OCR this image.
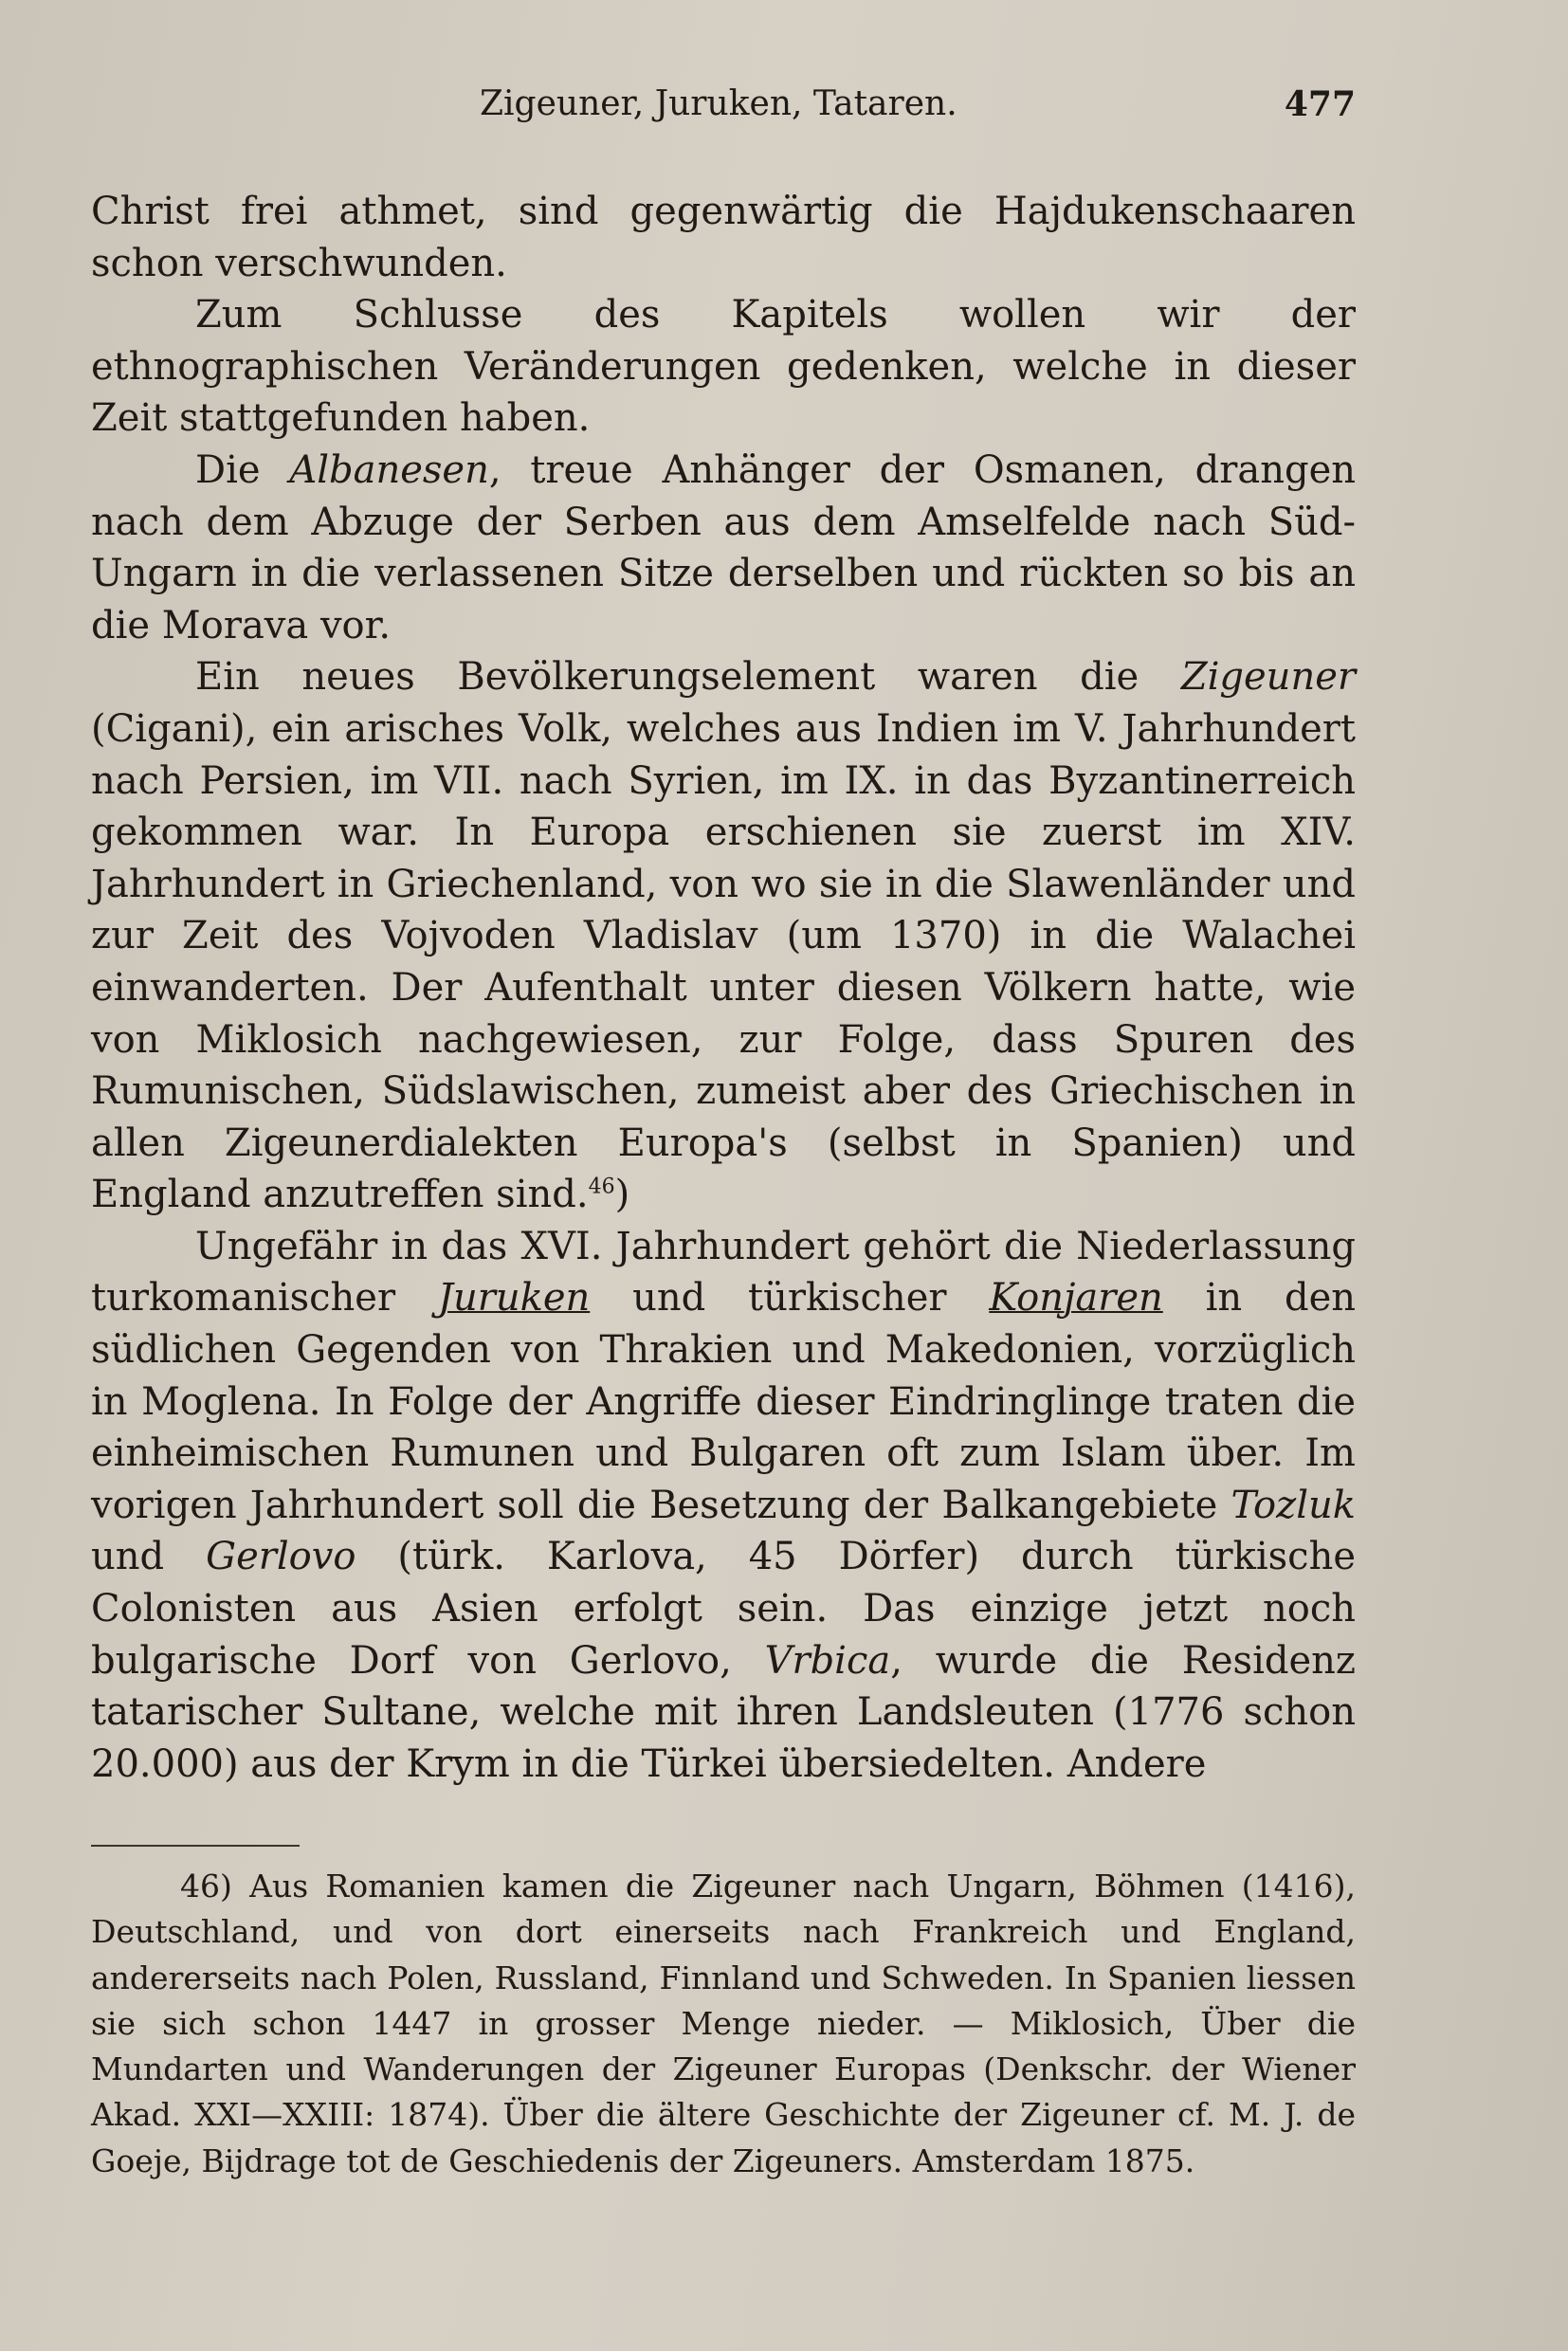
Zigeuner, Juruken, Tataren.	477

Christ frei athmet, sind gegenwärtig die Hajdukenschaaren schon verschwunden.

Zum Schlusse des Kapitels wollen wir der ethnographischen Veränderungen gedenken, welche in dieser Zeit stattgefunden haben.

Die Albanesen, treue Anhänger der Osmanen, drangen nach dem Abzuge der Serben aus dem Amselfelde nach Süd-Ungarn in die verlassenen Sitze derselben und rückten so bis an die Morava vor.

Ein neues Bevölkerungselement waren die Zigeuner (Cigani), ein arisches Volk, welches aus Indien im V. Jahrhundert nach Persien, im VII. nach Syrien, im IX. in das Byzantinerreich gekommen war. In Europa erschienen sie zuerst im XIV. Jahrhundert in Griechenland, von wo sie in die Slawenländer und zur Zeit des Vojvoden Vladislav (um 1370) in die Walachei einwanderten. Der Aufenthalt unter diesen Völkern hatte, wie von Miklosich nachgewiesen, zur Folge, dass Spuren des Rumunischen, Südslawischen, zumeist aber des Griechischen in allen Zigeunerdialekten Europa's (selbst in Spanien) und England anzutreffen sind.$^{46}$)

Ungefähr in das XVI. Jahrhundert gehört die Niederlassung turkomanischer Juruken und türkischer Konjaren in den südlichen Gegenden von Thrakien und Makedonien, vorzüglich in Moglena. In Folge der Angriffe dieser Eindringlinge traten die einheimischen Rumunen und Bulgaren oft zum Islam über. Im vorigen Jahrhundert soll die Besetzung der Balkangebiete Tozluk und Gerlovo (türk. Karlova, 45 Dörfer) durch türkische Colonisten aus Asien erfolgt sein. Das einzige jetzt noch bulgarische Dorf von Gerlovo, Vrbica, wurde die Residenz tatarischer Sultane, welche mit ihren Landsleuten (1776 schon 20.000) aus der Krym in die Türkei übersiedelten. Andere

46) Aus Romanien kamen die Zigeuner nach Ungarn, Böhmen (1416), Deutschland, und von dort einerseits nach Frankreich und England, andererseits nach Polen, Russland, Finnland und Schweden. In Spanien liessen sie sich schon 1447 in grosser Menge nieder. — Miklosich, Über die Mundarten und Wanderungen der Zigeuner Europas (Denkschr. der Wiener Akad. XXI—XXIII: 1874). Über die ältere Geschichte der Zigeuner cf. M. J. de Goeje, Bijdrage tot de Geschiedenis der Zigeuners. Amsterdam 1875.
